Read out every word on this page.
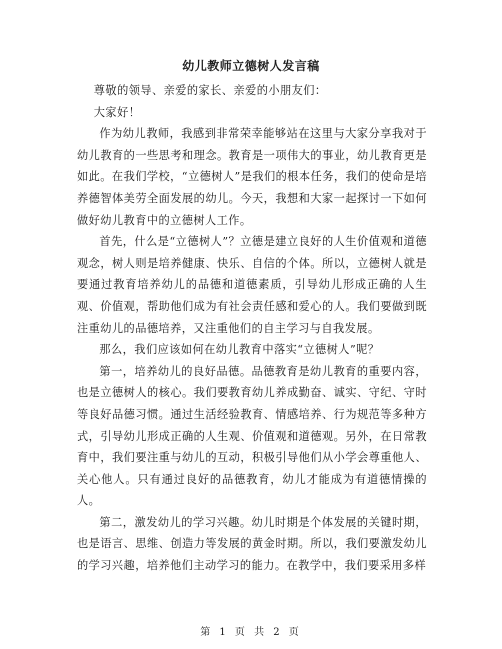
幼儿教师立德树人发言稿

尊敬的领导、亲爱的家长、亲爱的小朋友们：

大家好！

作为幼儿教师，我感到非常荣幸能够站在这里与大家分享我对于幼儿教育的一些思考和理念。教育是一项伟大的事业，幼儿教育更是如此。在我们学校，“立德树人”是我们的根本任务，我们的使命是培养德智体美劳全面发展的幼儿。今天，我想和大家一起探讨一下如何做好幼儿教育中的立德树人工作。

首先，什么是“立德树人”？立德是建立良好的人生价值观和道德观念，树人则是培养健康、快乐、自信的个体。所以，立德树人就是要通过教育培养幼儿的品德和道德素质，引导幼儿形成正确的人生观、价值观，帮助他们成为有社会责任感和爱心的人。我们要做到既注重幼儿的品德培养，又注重他们的自主学习与自我发展。

那么，我们应该如何在幼儿教育中落实“立德树人”呢？

第一，培养幼儿的良好品德。品德教育是幼儿教育的重要内容，也是立德树人的核心。我们要教育幼儿养成勤奋、诚实、守纪、守时等良好品德习惯。通过生活经验教育、情感培养、行为规范等多种方式，引导幼儿形成正确的人生观、价值观和道德观。另外，在日常教育中，我们要注重与幼儿的互动，积极引导他们从小学会尊重他人、关心他人。只有通过良好的品德教育，幼儿才能成为有道德情操的人。

第二，激发幼儿的学习兴趣。幼儿时期是个体发展的关键时期，也是语言、思维、创造力等发展的黄金时期。所以，我们要激发幼儿的学习兴趣，培养他们主动学习的能力。在教学中，我们要采用多样

第 1 页 共 2 页
